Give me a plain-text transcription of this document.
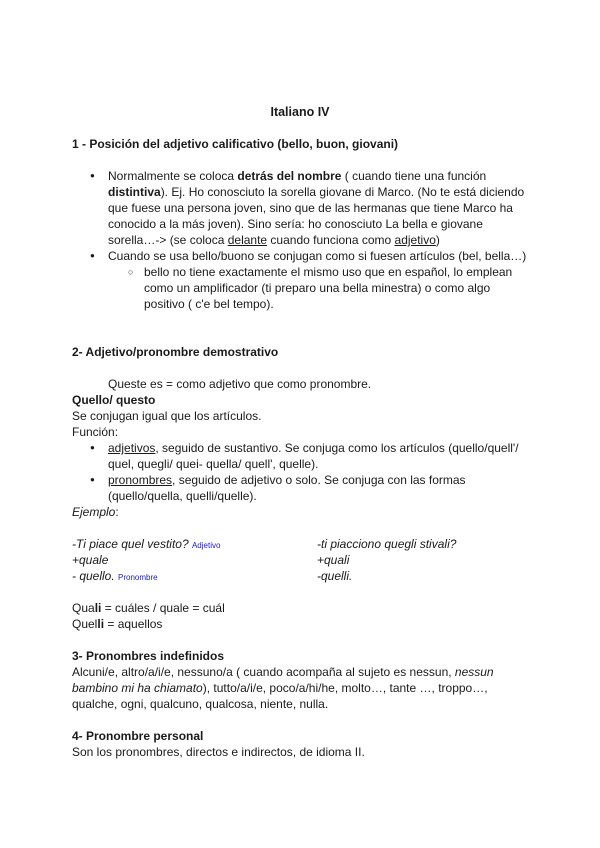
Italiano IV
1 - Posición del adjetivo calificativo (bello, buon, giovani)
● Normalmente se coloca detrás del nombre ( cuando tiene una función distintiva). Ej. Ho conosciuto la sorella giovane di Marco. (No te está diciendo que fuese una persona joven, sino que de las hermanas que tiene Marco ha conocido a la más joven). Sino sería: ho conosciuto La bella e giovane sorella…-> (se coloca delante cuando funciona como adjetivo)
● Cuando se usa bello/buono se conjugan como si fuesen artículos (bel, bella…)
○ bello no tiene exactamente el mismo uso que en español, lo emplean como un amplificador (ti preparo una bella minestra) o como algo positivo ( c'e bel tempo).
2- Adjetivo/pronombre demostrativo
Queste es = como adjetivo que como pronombre.
Quello/ questo
Se conjugan igual que los artículos.
Función:
● adjetivos, seguido de sustantivo. Se conjuga como los artículos (quello/quell'/ quel, quegli/ quei- quella/ quell', quelle).
● pronombres, seguido de adjetivo o solo. Se conjuga con las formas (quello/quella, quelli/quelle).
Ejemplo:
-Ti piace quel vestito? Adjetivo	-ti piacciono quegli stivali?
+quale	+quali
- quello. Pronombre	-quelli.
Quali = cuáles / quale = cuál
Quelli = aquellos
3- Pronombres indefinidos
Alcuni/e, altro/a/i/e, nessuno/a ( cuando acompaña al sujeto es nessun, nessun bambino mi ha chiamato), tutto/a/i/e, poco/a/hi/he, molto…, tante …, troppo…, qualche, ogni, qualcuno, qualcosa, niente, nulla.
4- Pronombre personal
Son los pronombres, directos e indirectos, de idioma II.
